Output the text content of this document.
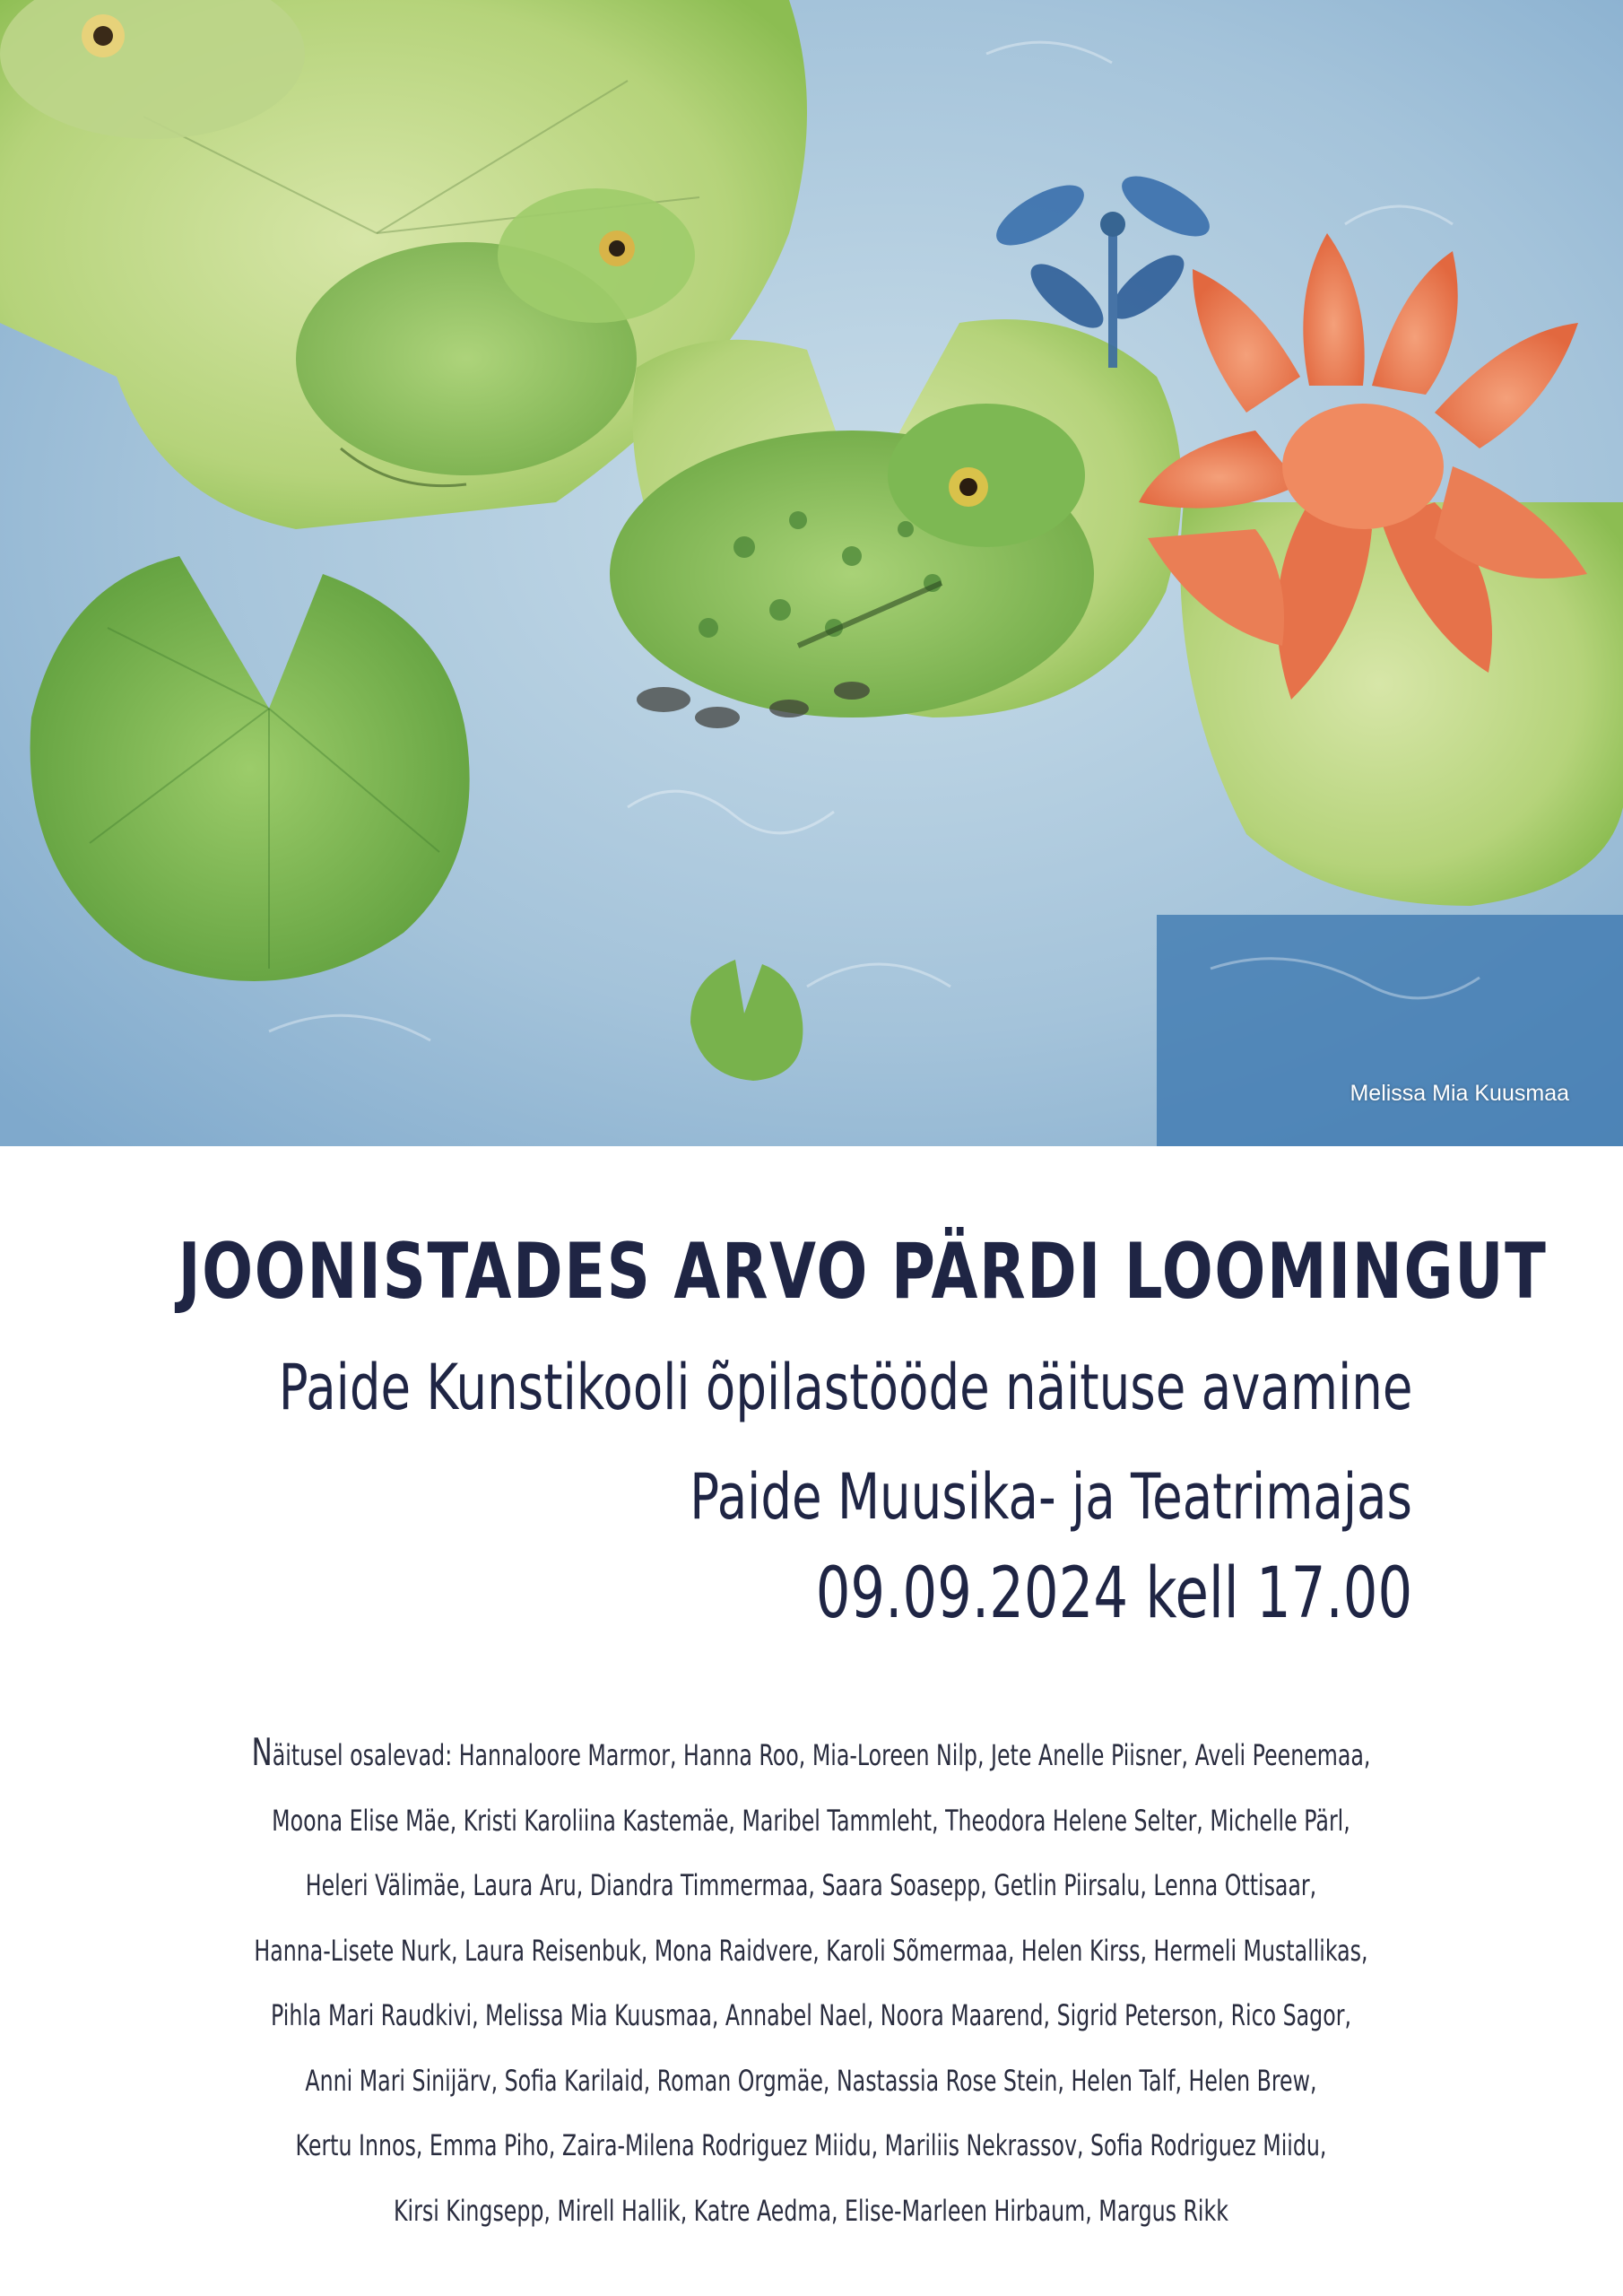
Melissa Mia Kuusmaa
JOONISTADES ARVO PÄRDI LOOMINGUT
Paide Kunstikooli õpilastööde näituse avamine
Paide Muusika- ja Teatrimajas
09.09.2024 kell 17.00
Näitusel osalevad: Hannaloore Marmor, Hanna Roo, Mia-Loreen Nilp, Jete Anelle Piisner, Aveli Peenemaa,
Moona Elise Mäe, Kristi Karoliina Kastemäe, Maribel Tammleht, Theodora Helene Selter, Michelle Pärl,
Heleri Välimäe, Laura Aru, Diandra Timmermaa, Saara Soasepp, Getlin Piirsalu, Lenna Ottisaar,
Hanna-Lisete Nurk, Laura Reisenbuk, Mona Raidvere, Karoli Sõmermaa, Helen Kirss, Hermeli Mustallikas,
Pihla Mari Raudkivi, Melissa Mia Kuusmaa, Annabel Nael, Noora Maarend, Sigrid Peterson, Rico Sagor,
Anni Mari Sinijärv, Sofia Karilaid, Roman Orgmäe, Nastassia Rose Stein, Helen Talf, Helen Brew,
Kertu Innos, Emma Piho, Zaira-Milena Rodriguez Miidu, Mariliis Nekrassov, Sofia Rodriguez Miidu,
Kirsi Kingsepp, Mirell Hallik, Katre Aedma, Elise-Marleen Hirbaum, Margus Rikk
